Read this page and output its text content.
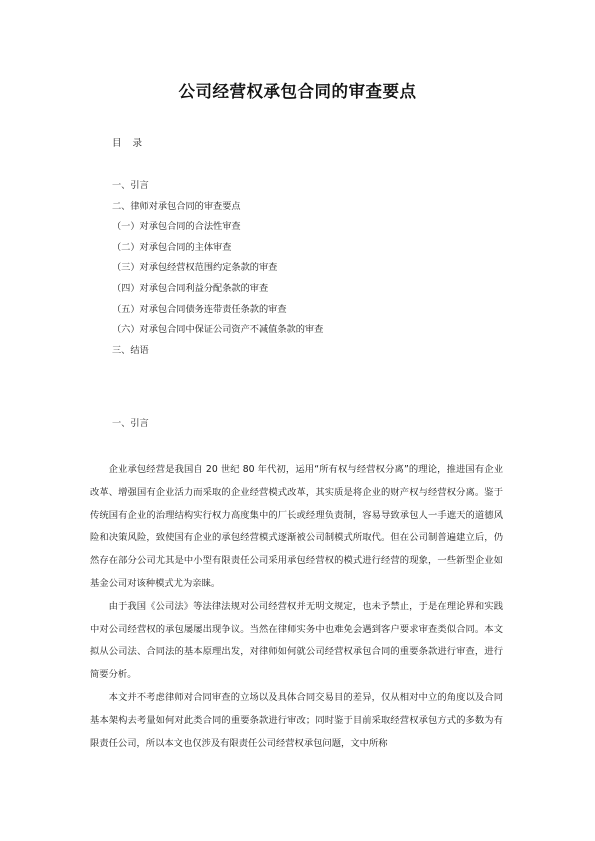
公司经营权承包合同的审查要点
目 录
一、引言
二、律师对承包合同的审查要点
（一）对承包合同的合法性审查
（二）对承包合同的主体审查
（三）对承包经营权范围约定条款的审查
（四）对承包合同利益分配条款的审查
（五）对承包合同债务连带责任条款的审查
（六）对承包合同中保证公司资产不减值条款的审查
三、结语
一、引言

企业承包经营是我国自 20 世纪 80 年代初，运用“所有权与经营权分离”的理论，推进国有企业改革、增强国有企业活力而采取的企业经营模式改革，其实质是将企业的财产权与经营权分离。鉴于传统国有企业的治理结构实行权力高度集中的厂长或经理负责制，容易导致承包人一手遮天的道德风险和决策风险，致使国有企业的承包经营模式逐渐被公司制模式所取代。但在公司制普遍建立后，仍然存在部分公司尤其是中小型有限责任公司采用承包经营权的模式进行经营的现象，一些新型企业如基金公司对该种模式尤为亲睐。

由于我国《公司法》等法律法规对公司经营权并无明文规定，也未予禁止，于是在理论界和实践中对公司经营权的承包屡屡出现争议。当然在律师实务中也难免会遇到客户要求审查类似合同。本文拟从公司法、合同法的基本原理出发，对律师如何就公司经营权承包合同的重要条款进行审查，进行简要分析。

本文并不考虑律师对合同审查的立场以及具体合同交易目的差异，仅从相对中立的角度以及合同基本架构去考量如何对此类合同的重要条款进行审改；同时鉴于目前采取经营权承包方式的多数为有限责任公司，所以本文也仅涉及有限责任公司经营权承包问题，文中所称
